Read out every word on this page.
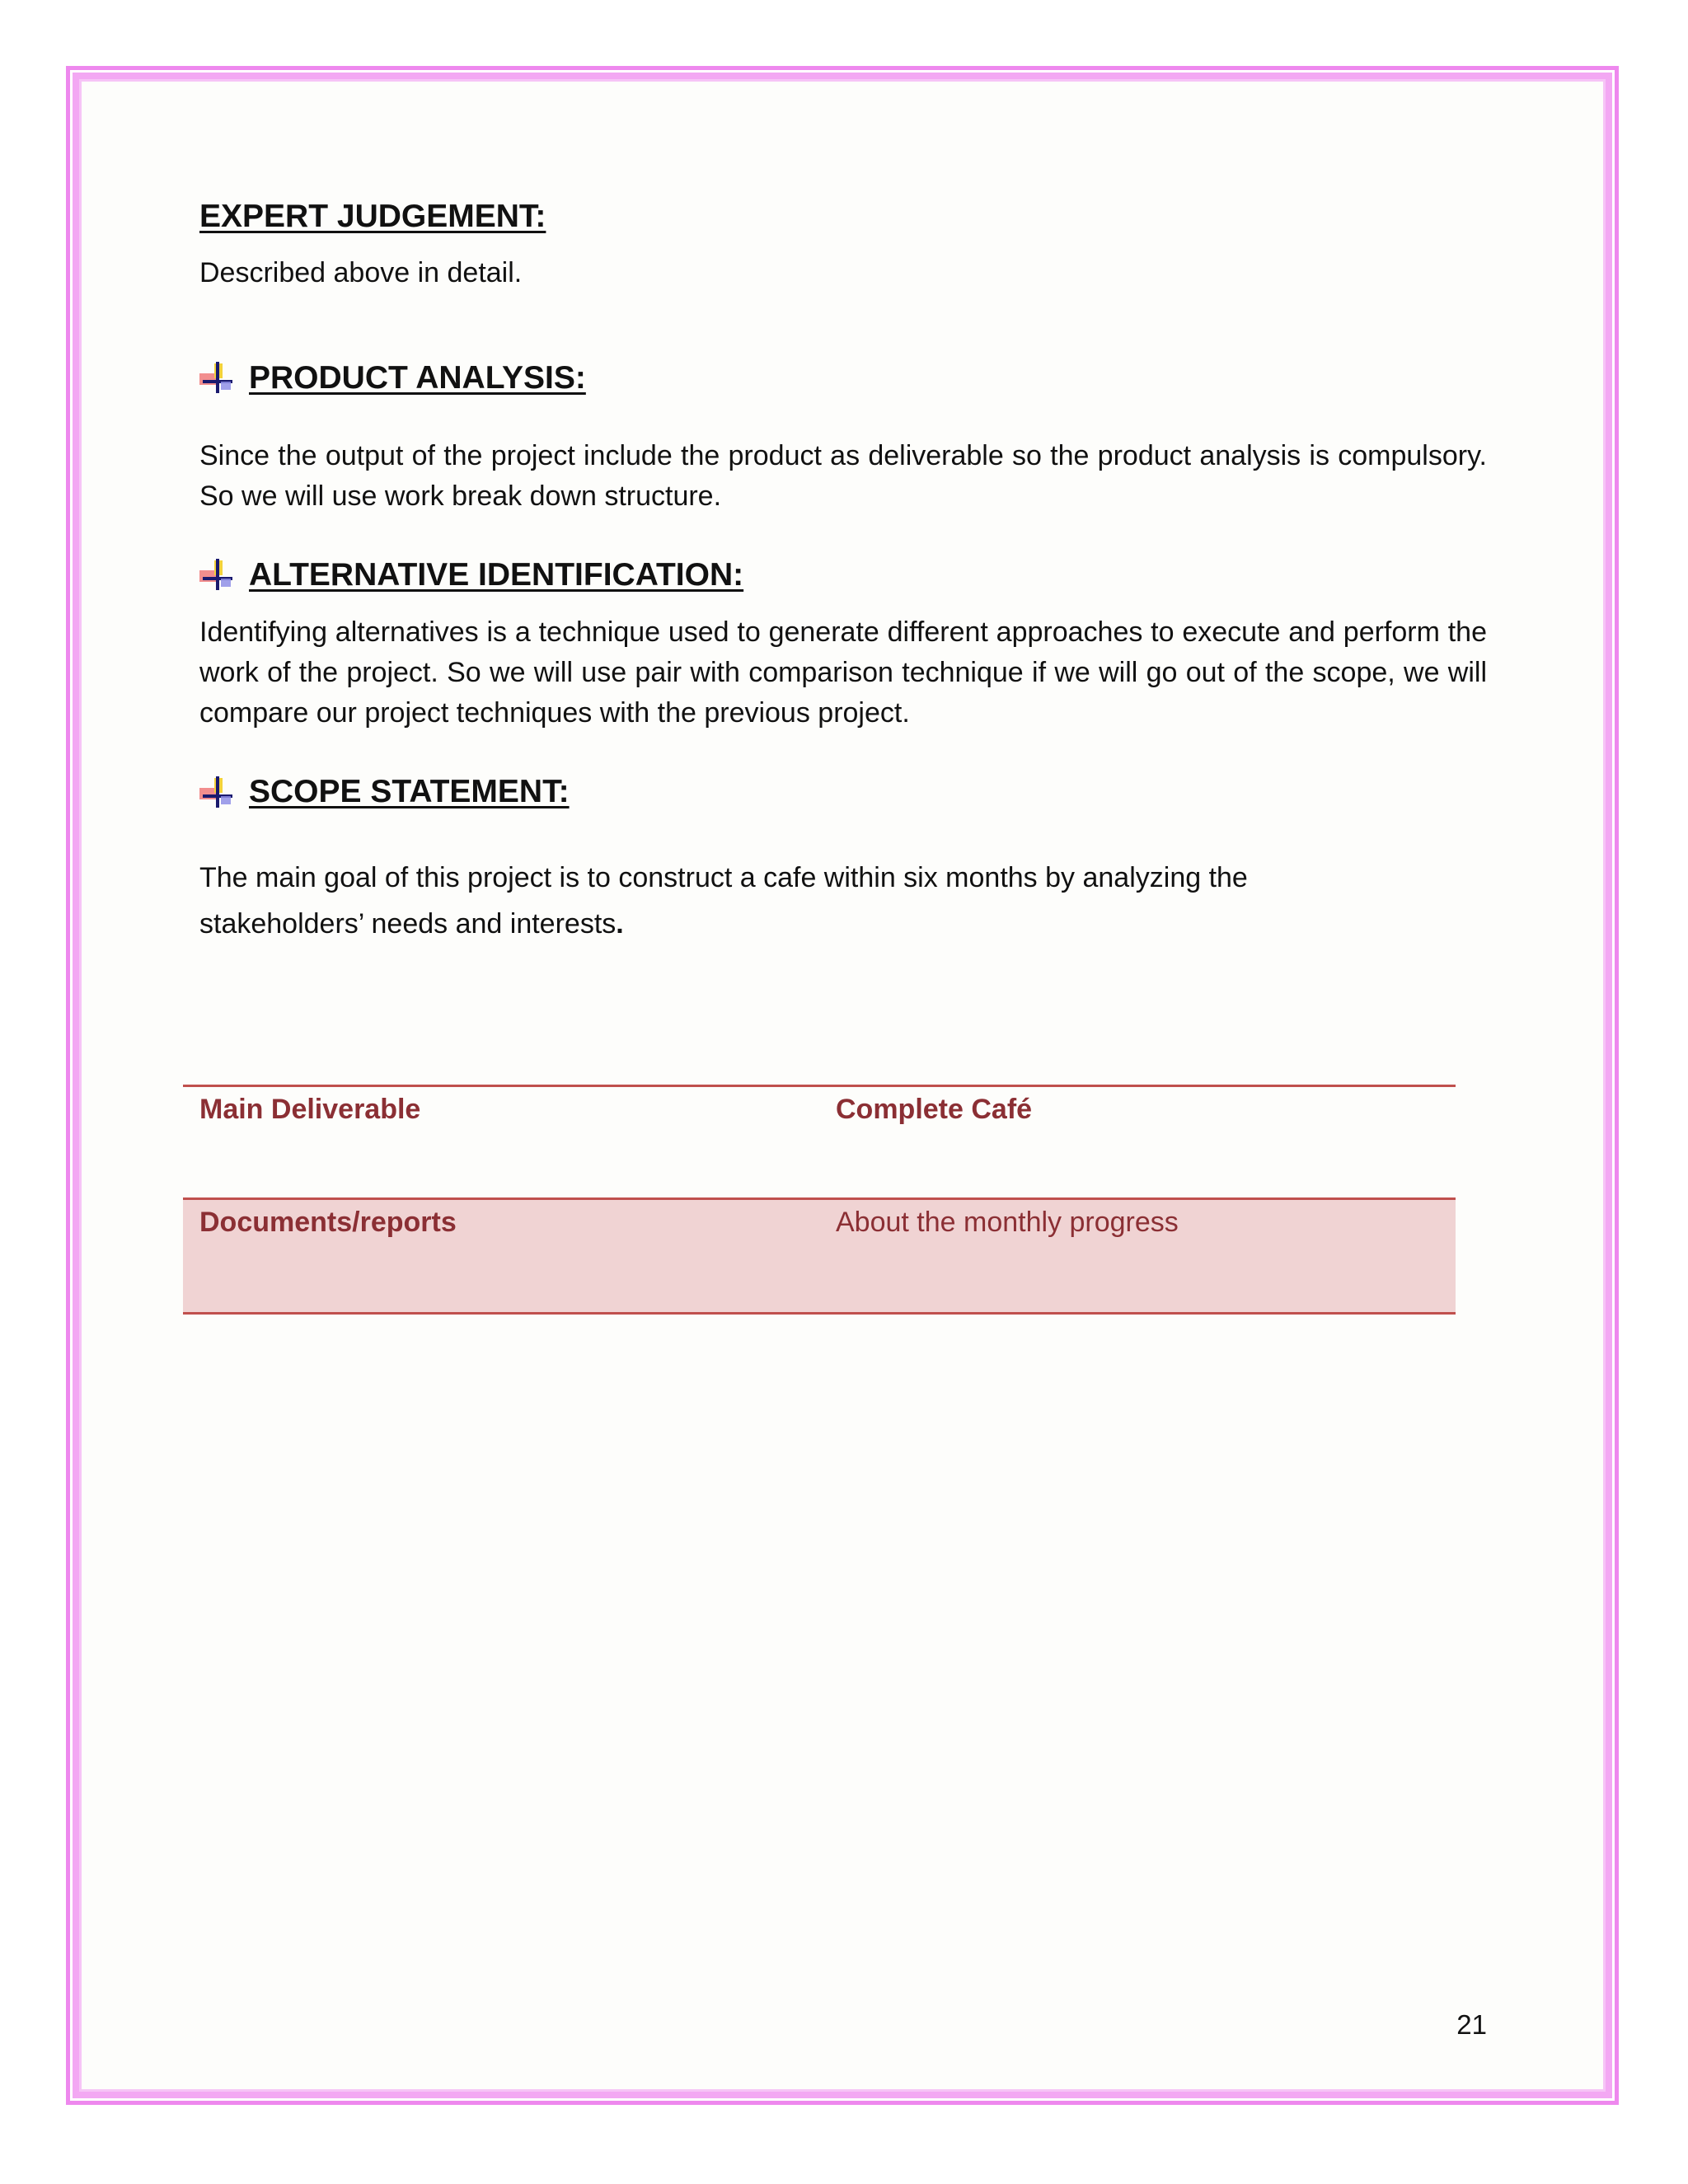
EXPERT JUDGEMENT:

Described above in detail.

PRODUCT ANALYSIS:

Since the output of the project include the product as deliverable so the product analysis is compulsory. So we will use work break down structure.

ALTERNATIVE IDENTIFICATION:

Identifying alternatives is a technique used to generate different approaches to execute and perform the work of the project. So we will use pair with comparison technique if we will go out of the scope, we will compare our project techniques with the previous project.

SCOPE STATEMENT:

The main goal of this project is to construct a cafe within six months by analyzing the stakeholders’ needs and interests.

Main Deliverable	Complete Café
Documents/reports	About the monthly progress
21
